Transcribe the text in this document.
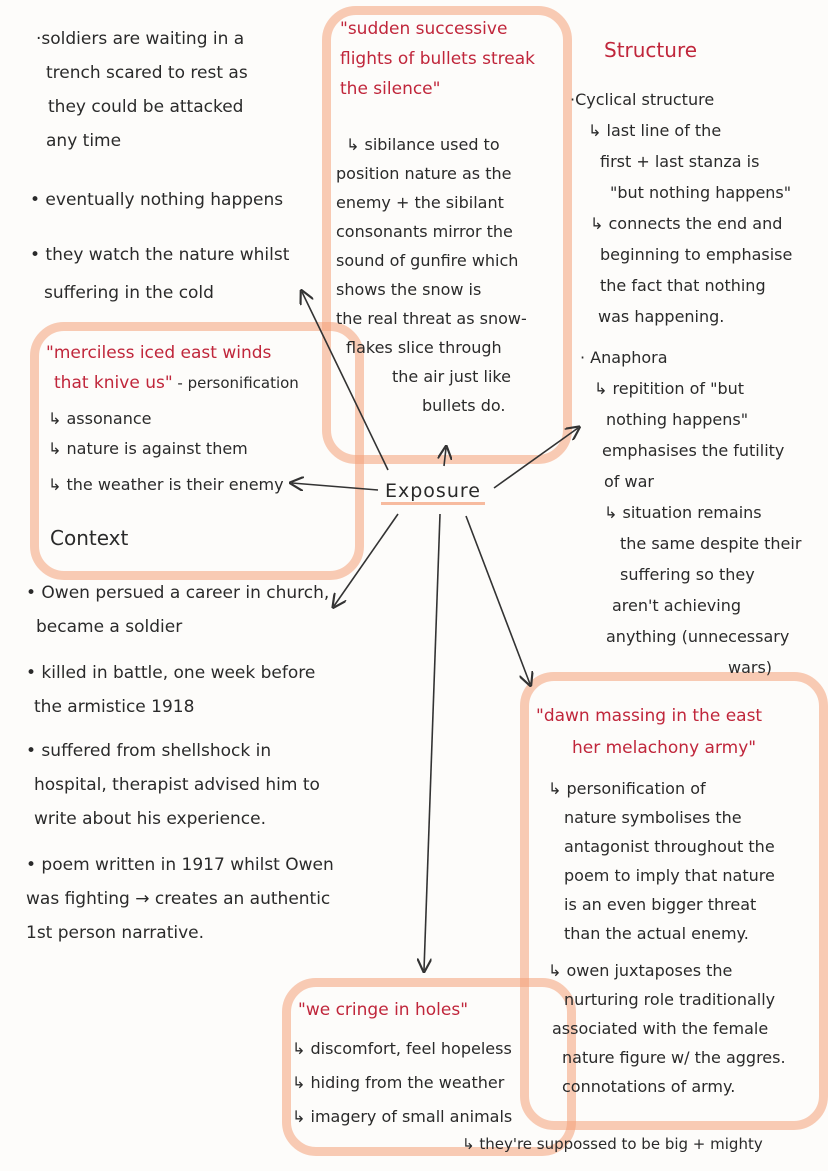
Exposure
·soldiers are waiting in a
trench scared to rest as
they could be attacked
any time
• eventually nothing happens
• they watch the nature whilst
suffering in the cold
"sudden successive
flights of bullets streak
the silence"
↳ sibilance used to
position nature as the
enemy + the sibilant
consonants mirror the
sound of gunfire which
shows the snow is
the real threat as snow-
flakes slice through
the air just like
bullets do.
Structure
·Cyclical structure
↳ last line of the
first + last stanza is
"but nothing happens"
↳ connects the end and
beginning to emphasise
the fact that nothing
was happening.
· Anaphora
↳ repitition of "but
nothing happens"
emphasises the futility
of war
↳ situation remains
the same despite their
suffering so they
aren't achieving
anything (unnecessary
wars)
"merciless iced east winds
that knive us" - personification
↳ assonance
↳ nature is against them
↳ the weather is their enemy
Context
• Owen persued a career in church,
became a soldier
• killed in battle, one week before
the armistice 1918
• suffered from shellshock in
hospital, therapist advised him to
write about his experience.
• poem written in 1917 whilst Owen
was fighting → creates an authentic
1st person narrative.
"dawn massing in the east
her melachony army"
↳ personification of
nature symbolises the
antagonist throughout the
poem to imply that nature
is an even bigger threat
than the actual enemy.
↳ owen juxtaposes the
nurturing role traditionally
associated with the female
nature figure w/ the aggres.
connotations of army.
"we cringe in holes"
↳ discomfort, feel hopeless
↳ hiding from the weather
↳ imagery of small animals
↳ they're suppossed to be big + mighty
